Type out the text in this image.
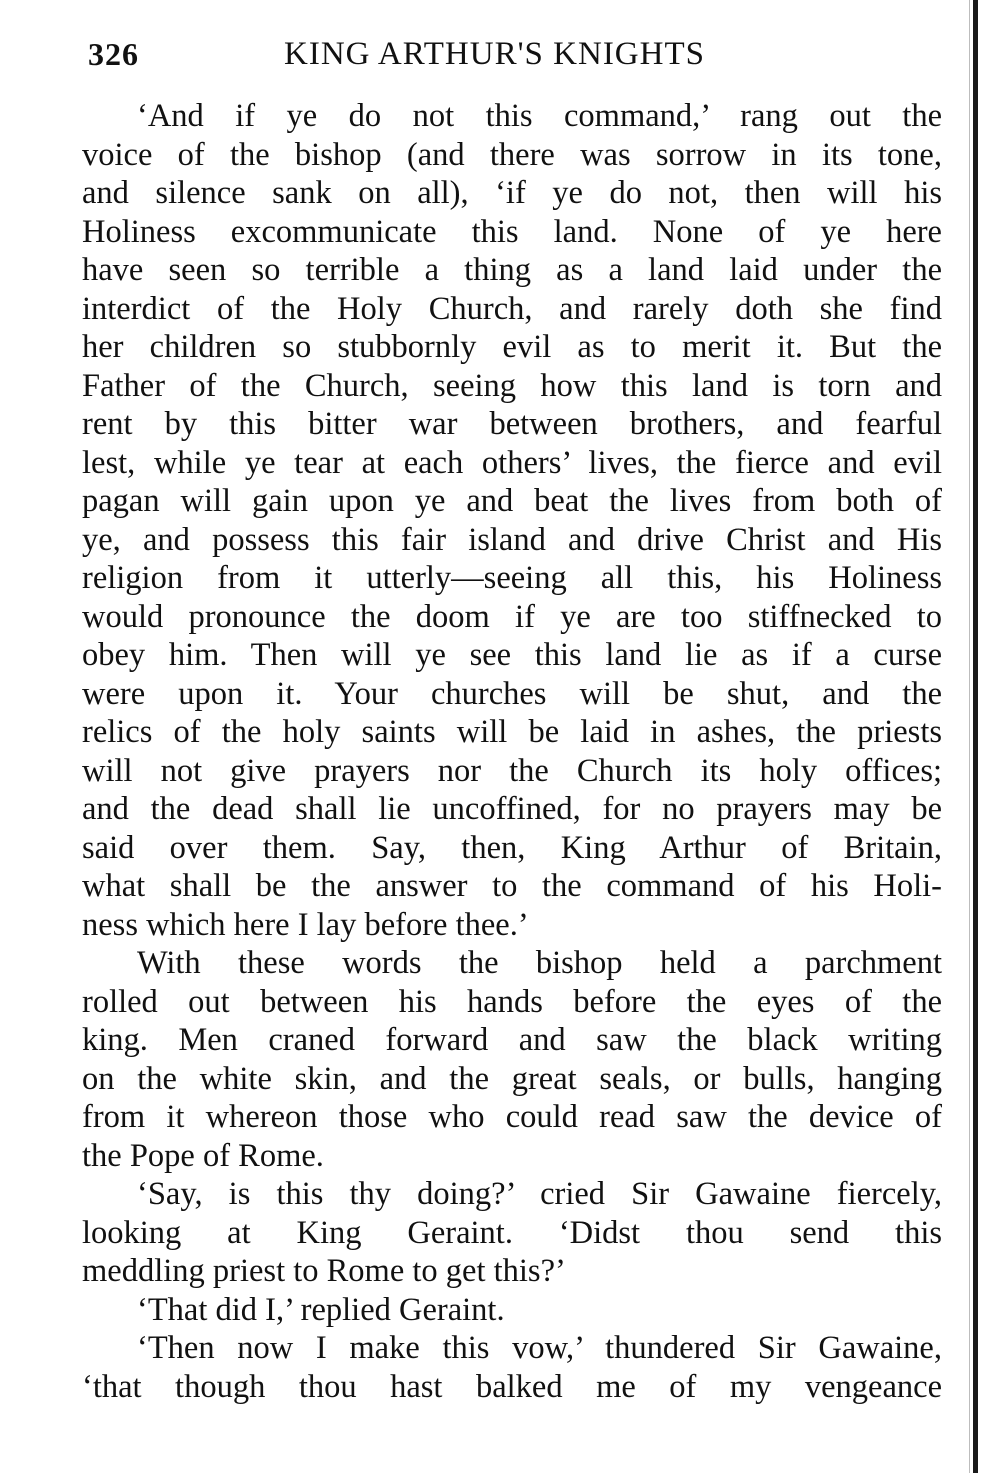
326	KING ARTHUR'S KNIGHTS
‘And if ye do not this command,’ rang out the
voice of the bishop (and there was sorrow in its tone,
and silence sank on all), ‘if ye do not, then will his
Holiness excommunicate this land. None of ye here
have seen so terrible a thing as a land laid under the
interdict of the Holy Church, and rarely doth she find
her children so stubbornly evil as to merit it. But the
Father of the Church, seeing how this land is torn and
rent by this bitter war between brothers, and fearful
lest, while ye tear at each others’ lives, the fierce and evil
pagan will gain upon ye and beat the lives from both of
ye, and possess this fair island and drive Christ and His
religion from it utterly—seeing all this, his Holiness
would pronounce the doom if ye are too stiffnecked to
obey him. Then will ye see this land lie as if a curse
were upon it. Your churches will be shut, and the
relics of the holy saints will be laid in ashes, the priests
will not give prayers nor the Church its holy offices;
and the dead shall lie uncoffined, for no prayers may be
said over them. Say, then, King Arthur of Britain,
what shall be the answer to the command of his Holi-
ness which here I lay before thee.’
With these words the bishop held a parchment
rolled out between his hands before the eyes of the
king. Men craned forward and saw the black writing
on the white skin, and the great seals, or bulls, hanging
from it whereon those who could read saw the device of
the Pope of Rome.
‘Say, is this thy doing?’ cried Sir Gawaine fiercely,
looking at King Geraint. ‘Didst thou send this
meddling priest to Rome to get this?’
‘That did I,’ replied Geraint.
‘Then now I make this vow,’ thundered Sir Gawaine,
‘that though thou hast balked me of my vengeance
